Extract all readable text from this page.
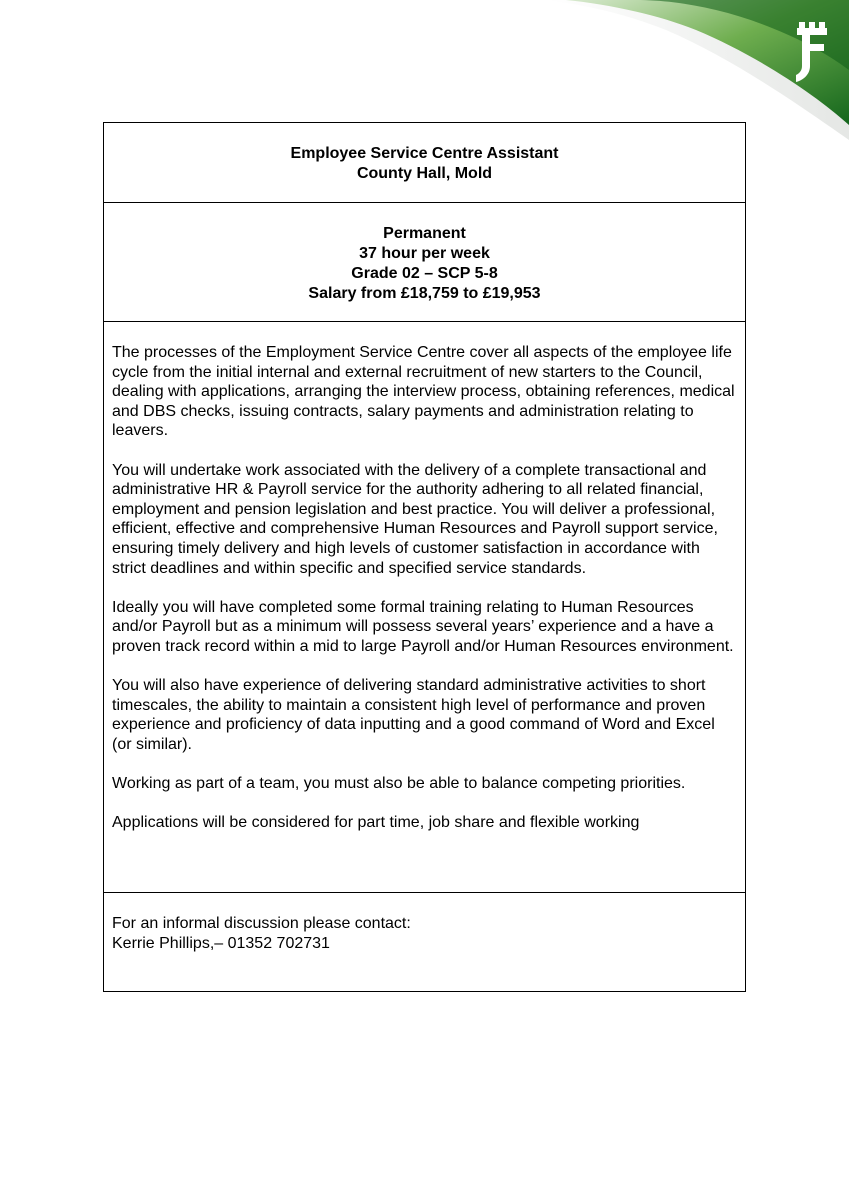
Employee Service Centre Assistant
County Hall, Mold
Permanent
37 hour per week
Grade 02 – SCP 5-8
Salary from £18,759 to £19,953

The processes of the Employment Service Centre cover all aspects of the employee life cycle from the initial internal and external recruitment of new starters to the Council, dealing with applications, arranging the interview process, obtaining references, medical and DBS checks, issuing contracts, salary payments and administration relating to leavers.

You will undertake work associated with the delivery of a complete transactional and administrative HR & Payroll service for the authority adhering to all related financial, employment and pension legislation and best practice. You will deliver a professional, efficient, effective and comprehensive Human Resources and Payroll support service, ensuring timely delivery and high levels of customer satisfaction in accordance with strict deadlines and within specific and specified service standards.

Ideally you will have completed some formal training relating to Human Resources and/or Payroll but as a minimum will possess several years’ experience and a have a proven track record within a mid to large Payroll and/or Human Resources environment.

You will also have experience of delivering standard administrative activities to short timescales, the ability to maintain a consistent high level of performance and proven experience and proficiency of data inputting and a good command of Word and Excel (or similar).

Working as part of a team, you must also be able to balance competing priorities.

Applications will be considered for part time, job share and flexible working

For an informal discussion please contact:
Kerrie Phillips,– 01352 702731
